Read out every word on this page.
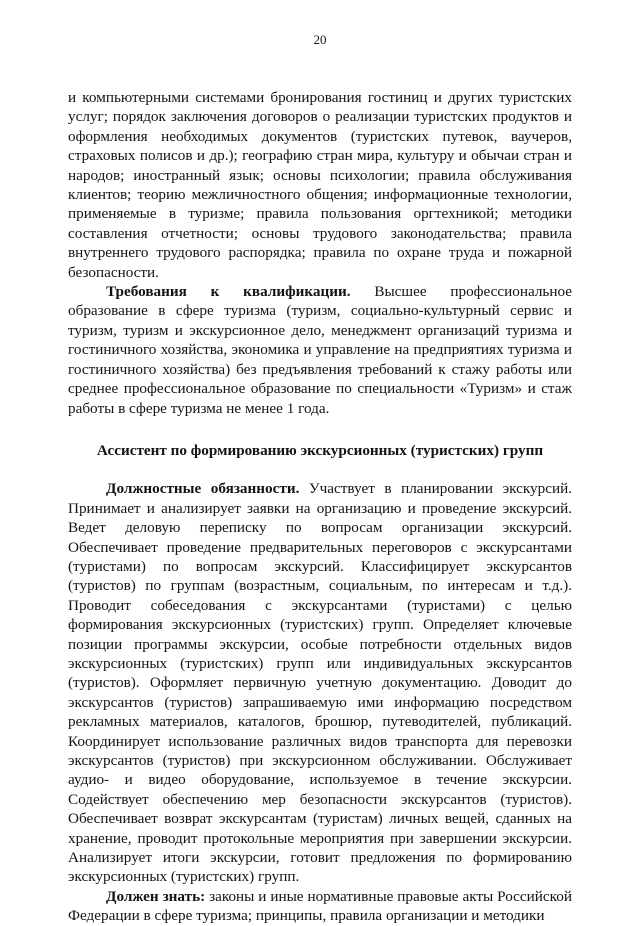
20

и компьютерными системами бронирования гостиниц и других туристских услуг; порядок заключения договоров о реализации туристских продуктов и оформления необходимых документов (туристских путевок, ваучеров, страховых полисов и др.); географию стран мира, культуру и обычаи стран и народов; иностранный язык; основы психологии; правила обслуживания клиентов; теорию межличностного общения; информационные технологии, применяемые в туризме; правила пользования оргтехникой; методики составления отчетности; основы трудового законодательства; правила внутреннего трудового распорядка; правила по охране труда и пожарной безопасности.

Требования к квалификации. Высшее профессиональное образование в сфере туризма (туризм, социально-культурный сервис и туризм, туризм и экскурсионное дело, менеджмент организаций туризма и гостиничного хозяйства, экономика и управление на предприятиях туризма и гостиничного хозяйства) без предъявления требований к стажу работы или среднее профессиональное образование по специальности «Туризм» и стаж работы в сфере туризма не менее 1 года.

Ассистент по формированию экскурсионных (туристских) групп

Должностные обязанности. Участвует в планировании экскурсий. Принимает и анализирует заявки на организацию и проведение экскурсий. Ведет деловую переписку по вопросам организации экскурсий. Обеспечивает проведение предварительных переговоров с экскурсантами (туристами) по вопросам экскурсий. Классифицирует экскурсантов (туристов) по группам (возрастным, социальным, по интересам и т.д.). Проводит собеседования с экскурсантами (туристами) с целью формирования экскурсионных (туристских) групп. Определяет ключевые позиции программы экскурсии, особые потребности отдельных видов экскурсионных (туристских) групп или индивидуальных экскурсантов (туристов). Оформляет первичную учетную документацию. Доводит до экскурсантов (туристов) запрашиваемую ими информацию посредством рекламных материалов, каталогов, брошюр, путеводителей, публикаций. Координирует использование различных видов транспорта для перевозки экскурсантов (туристов) при экскурсионном обслуживании. Обслуживает аудио- и видео оборудование, используемое в течение экскурсии. Содействует обеспечению мер безопасности экскурсантов (туристов). Обеспечивает возврат экскурсантам (туристам) личных вещей, сданных на хранение, проводит протокольные мероприятия при завершении экскурсии. Анализирует итоги экскурсии, готовит предложения по формированию экскурсионных (туристских) групп.

Должен знать: законы и иные нормативные правовые акты Российской Федерации в сфере туризма; принципы, правила организации и методики
